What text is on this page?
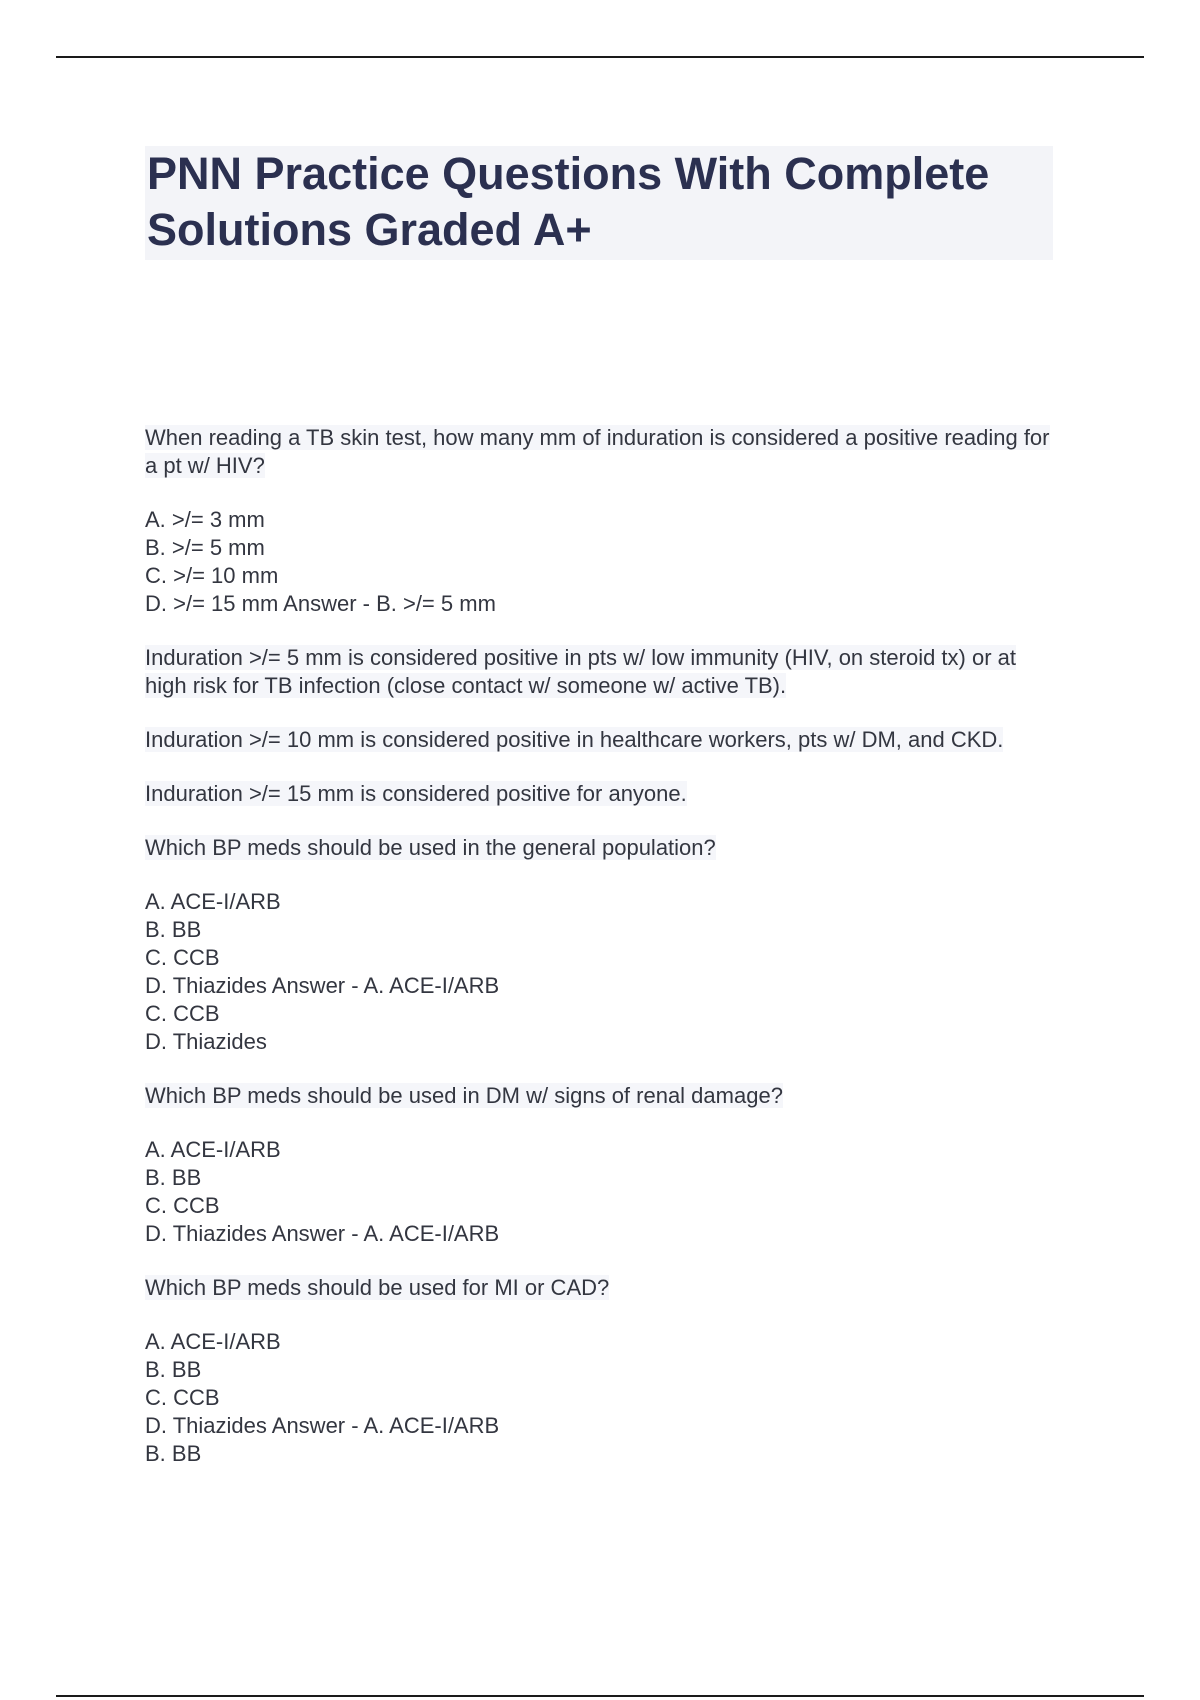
PNN Practice Questions With Complete
Solutions Graded A+

When reading a TB skin test, how many mm of induration is considered a positive reading for a pt w/ HIV?

A. >/= 3 mm
B. >/= 5 mm
C. >/= 10 mm
D. >/= 15 mm Answer - B. >/= 5 mm

Induration >/= 5 mm is considered positive in pts w/ low immunity (HIV, on steroid tx) or at high risk for TB infection (close contact w/ someone w/ active TB).

Induration >/= 10 mm is considered positive in healthcare workers, pts w/ DM, and CKD.

Induration >/= 15 mm is considered positive for anyone.

Which BP meds should be used in the general population?

A. ACE-I/ARB
B. BB
C. CCB
D. Thiazides Answer - A. ACE-I/ARB
C. CCB
D. Thiazides

Which BP meds should be used in DM w/ signs of renal damage?

A. ACE-I/ARB
B. BB
C. CCB
D. Thiazides Answer - A. ACE-I/ARB

Which BP meds should be used for MI or CAD?

A. ACE-I/ARB
B. BB
C. CCB
D. Thiazides Answer - A. ACE-I/ARB
B. BB
